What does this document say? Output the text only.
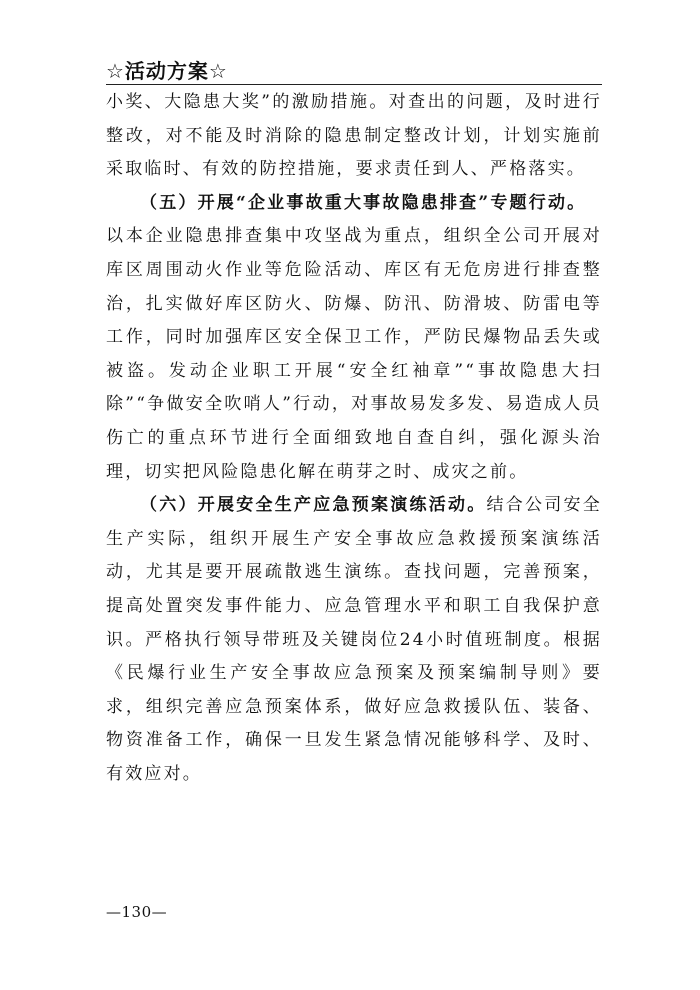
☆活动方案☆

小奖、大隐患大奖”的激励措施。对查出的问题，及时进行整改，对不能及时消除的隐患制定整改计划，计划实施前采取临时、有效的防控措施，要求责任到人、严格落实。

（五）开展“企业事故重大事故隐患排查”专题行动。

以本企业隐患排查集中攻坚战为重点，组织全公司开展对库区周围动火作业等危险活动、库区有无危房进行排查整治，扎实做好库区防火、防爆、防汛、防滑坡、防雷电等工作，同时加强库区安全保卫工作，严防民爆物品丢失或被盗。发动企业职工开展“安全红袖章”“事故隐患大扫除”“争做安全吹哨人”行动，对事故易发多发、易造成人员伤亡的重点环节进行全面细致地自查自纠，强化源头治理，切实把风险隐患化解在萌芽之时、成灾之前。

（六）开展安全生产应急预案演练活动。结合公司安全生产实际，组织开展生产安全事故应急救援预案演练活动，尤其是要开展疏散逃生演练。查找问题，完善预案，提高处置突发事件能力、应急管理水平和职工自我保护意识。严格执行领导带班及关键岗位24小时值班制度。根据《民爆行业生产安全事故应急预案及预案编制导则》要求，组织完善应急预案体系，做好应急救援队伍、装备、物资准备工作，确保一旦发生紧急情况能够科学、及时、有效应对。

—130—
